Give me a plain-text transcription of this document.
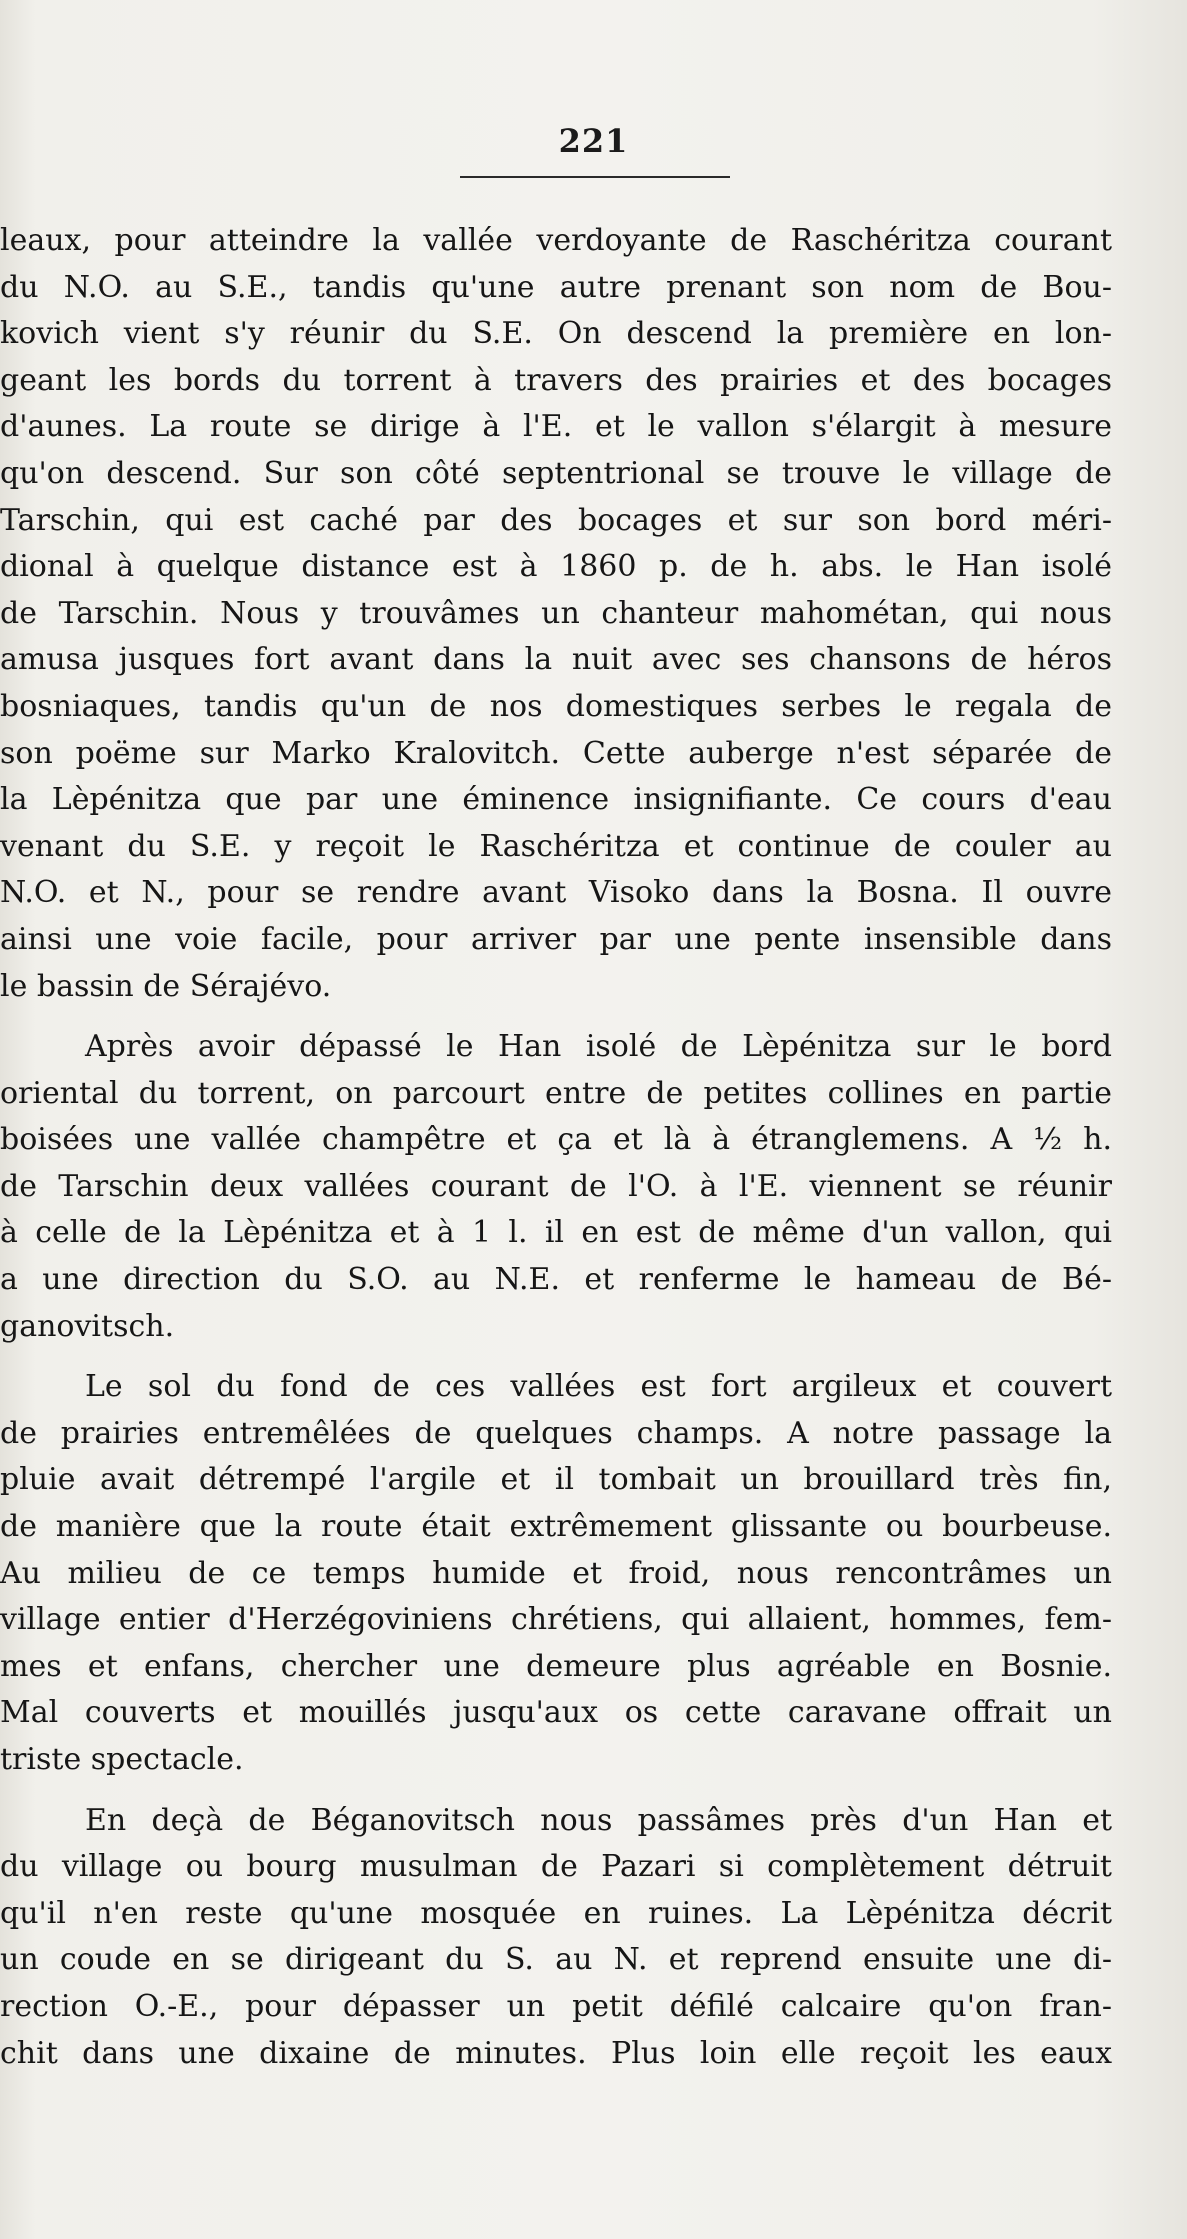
221
leaux, pour atteindre la vallée verdoyante de Raschéritza courant
du N.O. au S.E., tandis qu'une autre prenant son nom de Bou-
kovich vient s'y réunir du S.E. On descend la première en lon-
geant les bords du torrent à travers des prairies et des bocages
d'aunes. La route se dirige à l'E. et le vallon s'élargit à mesure
qu'on descend. Sur son côté septentrional se trouve le village de
Tarschin, qui est caché par des bocages et sur son bord méri-
dional à quelque distance est à 1860 p. de h. abs. le Han isolé
de Tarschin. Nous y trouvâmes un chanteur mahométan, qui nous
amusa jusques fort avant dans la nuit avec ses chansons de héros
bosniaques, tandis qu'un de nos domestiques serbes le regala de
son poëme sur Marko Kralovitch. Cette auberge n'est séparée de
la Lèpénitza que par une éminence insignifiante. Ce cours d'eau
venant du S.E. y reçoit le Raschéritza et continue de couler au
N.O. et N., pour se rendre avant Visoko dans la Bosna. Il ouvre
ainsi une voie facile, pour arriver par une pente insensible dans
le bassin de Sérajévo.
Après avoir dépassé le Han isolé de Lèpénitza sur le bord
oriental du torrent, on parcourt entre de petites collines en partie
boisées une vallée champêtre et ça et là à étranglemens. A ½ h.
de Tarschin deux vallées courant de l'O. à l'E. viennent se réunir
à celle de la Lèpénitza et à 1 l. il en est de même d'un vallon, qui
a une direction du S.O. au N.E. et renferme le hameau de Bé-
ganovitsch.
Le sol du fond de ces vallées est fort argileux et couvert
de prairies entremêlées de quelques champs. A notre passage la
pluie avait détrempé l'argile et il tombait un brouillard très fin,
de manière que la route était extrêmement glissante ou bourbeuse.
Au milieu de ce temps humide et froid, nous rencontrâmes un
village entier d'Herzégoviniens chrétiens, qui allaient, hommes, fem-
mes et enfans, chercher une demeure plus agréable en Bosnie.
Mal couverts et mouillés jusqu'aux os cette caravane offrait un
triste spectacle.
En deçà de Béganovitsch nous passâmes près d'un Han et
du village ou bourg musulman de Pazari si complètement détruit
qu'il n'en reste qu'une mosquée en ruines. La Lèpénitza décrit
un coude en se dirigeant du S. au N. et reprend ensuite une di-
rection O.-E., pour dépasser un petit défilé calcaire qu'on fran-
chit dans une dixaine de minutes. Plus loin elle reçoit les eaux
